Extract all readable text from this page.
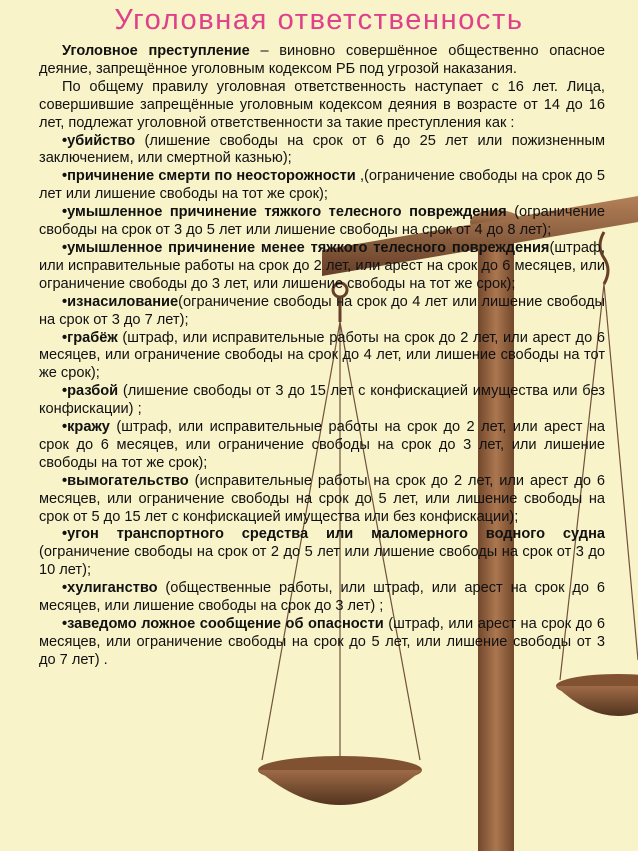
Уголовная ответственность

Уголовное преступление – виновно совершённое общественно опасное деяние, запрещённое уголовным кодексом РБ под угрозой наказания.

По общему правилу уголовная ответственность наступает с 16 лет. Лица, совершившие запрещённые уголовным кодексом деяния в возрасте от 14 до 16 лет, подлежат уголовной ответственности за такие преступления как :

•убийство (лишение свободы на срок от 6 до 25 лет или пожизненным заключением, или смертной казнью);

•причинение смерти по неосторожности ,(ограничение свободы на срок до 5 лет или лишение свободы на тот же срок);

•умышленное причинение тяжкого телесного повреждения (ограничение свободы на срок от 3 до 5 лет или лишение свободы на срок от 4 до 8 лет);

•умышленное причинение менее тяжкого телесного повреждения(штраф, или исправительные работы на срок до 2 лет, или арест на срок до 6 месяцев, или ограничение свободы до 3 лет, или лишение свободы на тот же срок);

•изнасилование(ограничение свободы на срок до 4 лет или лишение свободы на срок от 3 до 7 лет);

•грабёж (штраф, или исправительные работы на срок до 2 лет, или арест до 6 месяцев, или ограничение свободы на срок до 4 лет, или лишение свободы на тот же срок);

•разбой (лишение свободы от 3 до 15 лет с конфискацией имущества или без конфискации) ;

•кражу (штраф, или исправительные работы на срок до 2 лет, или арест на срок до 6 месяцев, или ограничение свободы на срок до 3 лет, или лишение свободы на тот же срок);

•вымогательство (исправительные работы на срок до 2 лет, или арест до 6 месяцев, или ограничение свободы на срок до 5 лет, или лишение свободы на срок от 5 до 15 лет с конфискацией имущества или без конфискации);

•угон транспортного средства или маломерного водного судна (ограничение свободы на срок от 2 до 5 лет или лишение свободы на срок от 3 до 10 лет);

•хулиганство (общественные работы, или штраф, или арест на срок до 6 месяцев, или лишение свободы на срок до 3 лет) ;

•заведомо ложное сообщение об опасности (штраф, или арест на срок до 6 месяцев, или ограничение свободы на срок до 5 лет, или лишение свободы от 3 до 7 лет) .
